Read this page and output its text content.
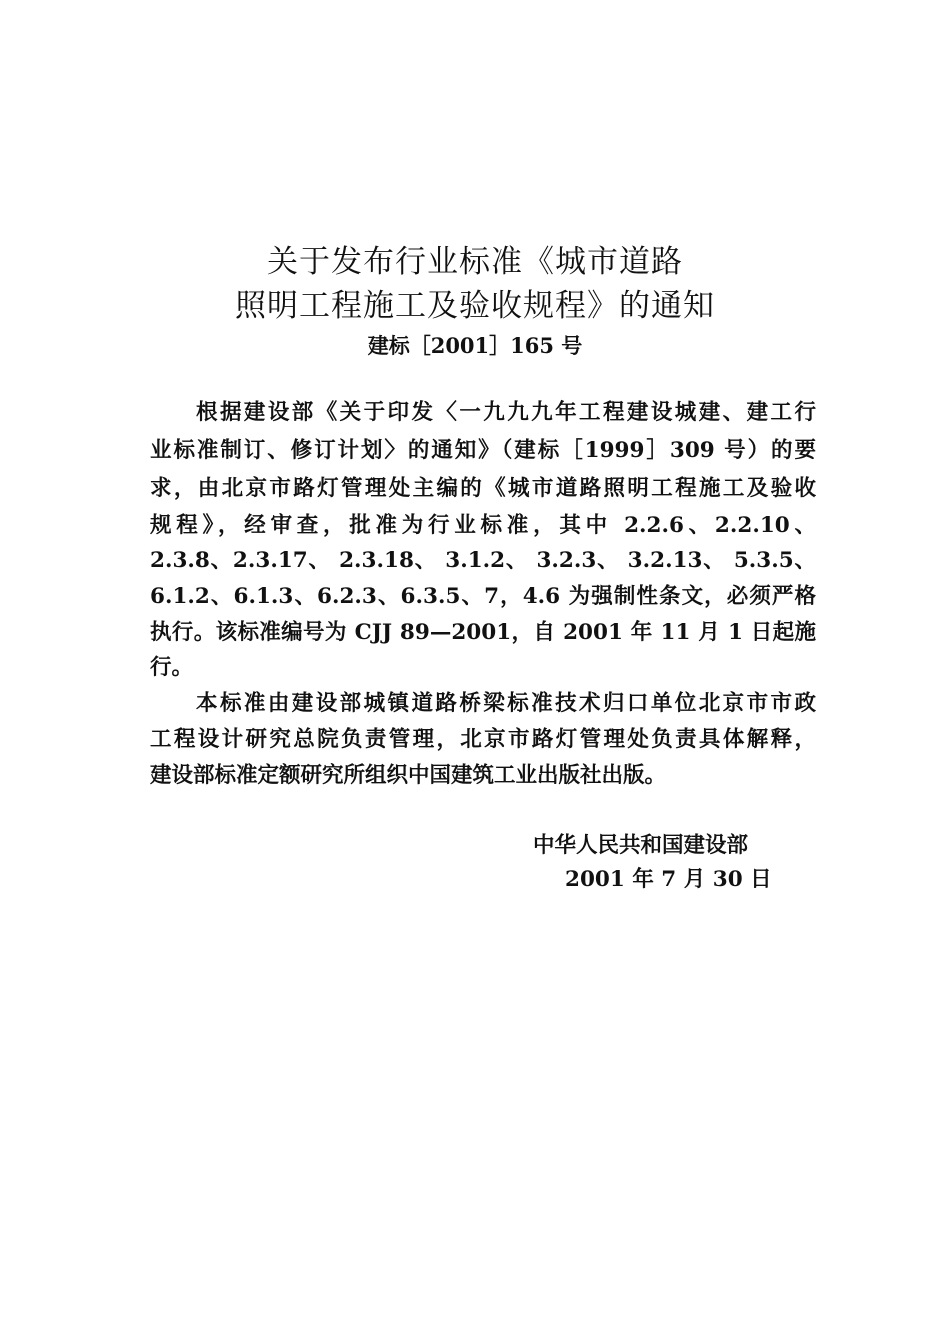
关于发布行业标准《城市道路
照明工程施工及验收规程》的通知
建标［2001］165 号
根据建设部《关于印发〈一九九九年工程建设城建、建工行
业标准制订、修订计划〉的通知》（建标［1999］309 号）的要
求，由北京市路灯管理处主编的《城市道路照明工程施工及验收
规程》，经审查，批准为行业标准，其中 2.2.6、2.2.10、
2.3.8、2.3.17、 2.3.18、 3.1.2、 3.2.3、 3.2.13、 5.3.5、
6.1.2、6.1.3、6.2.3、6.3.5、7，4.6 为强制性条文，必须严格
执行。该标准编号为 CJJ 89—2001，自 2001 年 11 月 1 日起施
行。
本标准由建设部城镇道路桥梁标准技术归口单位北京市市政
工程设计研究总院负责管理，北京市路灯管理处负责具体解释，
建设部标准定额研究所组织中国建筑工业出版社出版。
中华人民共和国建设部
2001 年 7 月 30 日
